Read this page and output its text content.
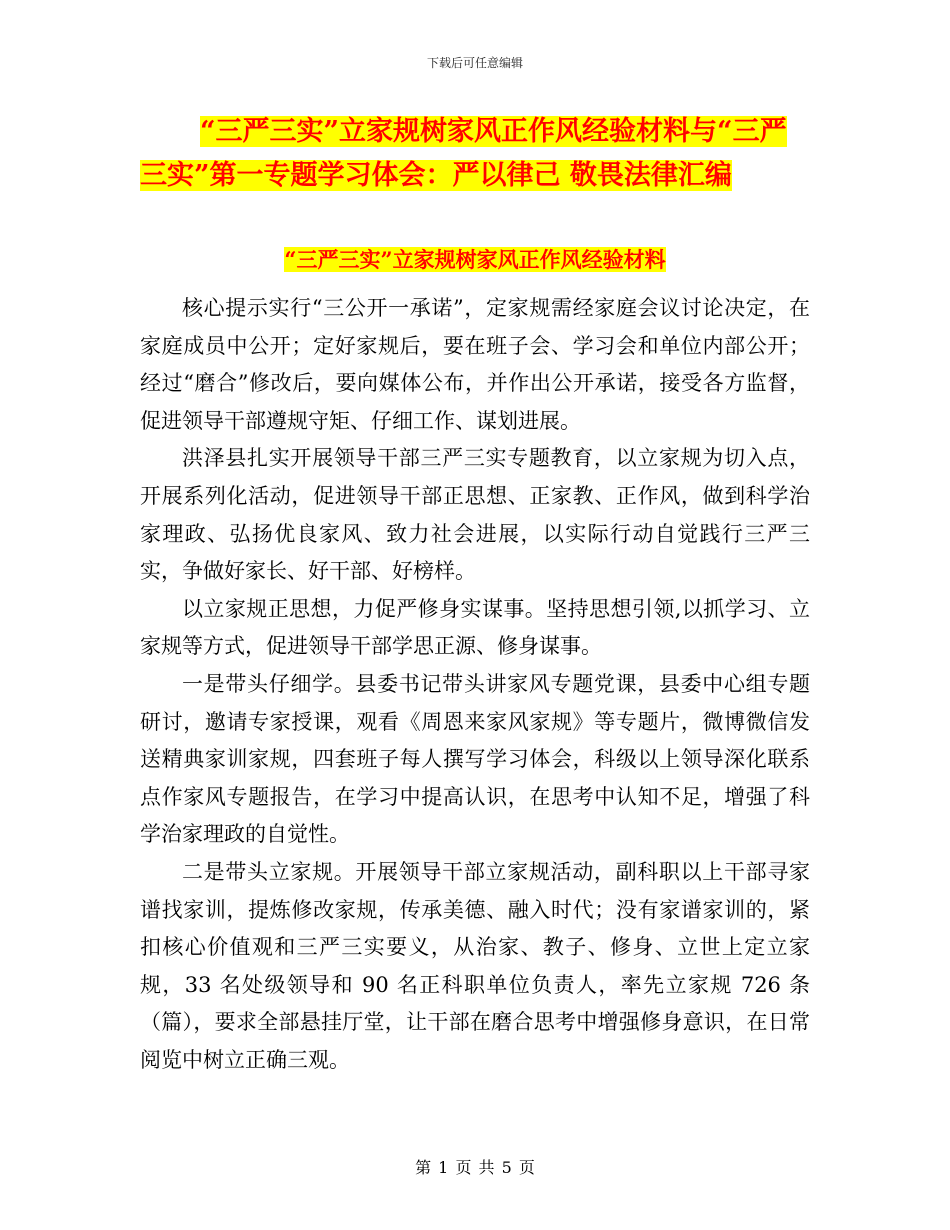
下载后可任意编辑
“三严三实”立家规树家风正作风经验材料与“三严
三实”第一专题学习体会：严以律己 敬畏法律汇编
“三严三实”立家规树家风正作风经验材料

核心提示实行“三公开一承诺”，定家规需经家庭会议讨论决定，在家庭成员中公开；定好家规后，要在班子会、学习会和单位内部公开；经过“磨合”修改后，要向媒体公布，并作出公开承诺，接受各方监督，促进领导干部遵规守矩、仔细工作、谋划进展。

洪泽县扎实开展领导干部三严三实专题教育，以立家规为切入点，开展系列化活动，促进领导干部正思想、正家教、正作风，做到科学治家理政、弘扬优良家风、致力社会进展，以实际行动自觉践行三严三实，争做好家长、好干部、好榜样。

以立家规正思想，力促严修身实谋事。坚持思想引领,以抓学习、立家规等方式，促进领导干部学思正源、修身谋事。

一是带头仔细学。县委书记带头讲家风专题党课，县委中心组专题研讨，邀请专家授课，观看《周恩来家风家规》等专题片，微博微信发送精典家训家规，四套班子每人撰写学习体会，科级以上领导深化联系点作家风专题报告，在学习中提高认识，在思考中认知不足，增强了科学治家理政的自觉性。

二是带头立家规。开展领导干部立家规活动，副科职以上干部寻家谱找家训，提炼修改家规，传承美德、融入时代；没有家谱家训的，紧扣核心价值观和三严三实要义，从治家、教子、修身、立世上定立家规，33 名处级领导和 90 名正科职单位负责人，率先立家规 726 条（篇），要求全部悬挂厅堂，让干部在磨合思考中增强修身意识，在日常阅览中树立正确三观。

第 1 页 共 5 页
